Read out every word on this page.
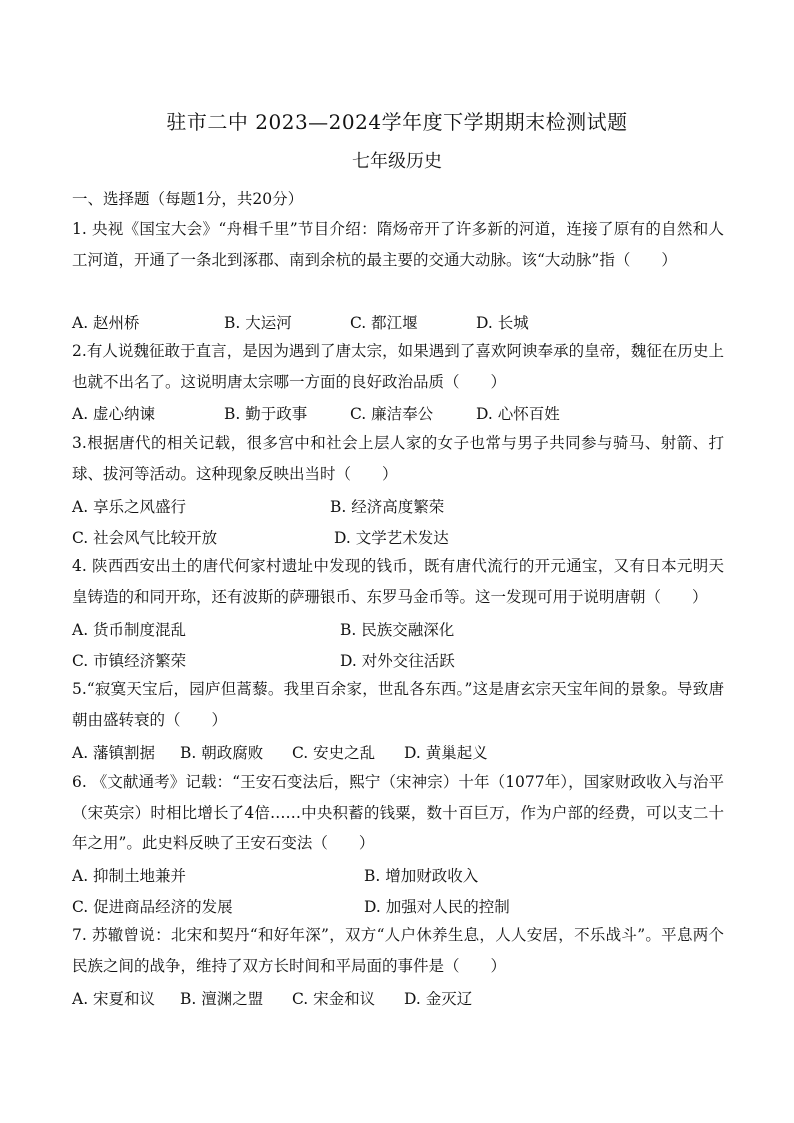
驻市二中 2023—2024学年度下学期期末检测试题
七年级历史
一、选择题（每题1分，共20分）
1. 央视《国宝大会》“舟楫千里”节目介绍：隋炀帝开了许多新的河道，连接了原有的自然和人工河道，开通了一条北到涿郡、南到余杭的最主要的交通大动脉。该“大动脉”指（　　）
A. 赵州桥	B. 大运河	C. 都江堰	D. 长城
2.有人说魏征敢于直言，是因为遇到了唐太宗，如果遇到了喜欢阿谀奉承的皇帝，魏征在历史上也就不出名了。这说明唐太宗哪一方面的良好政治品质（　　）
A. 虚心纳谏	B. 勤于政事	C. 廉洁奉公	D. 心怀百姓
3.根据唐代的相关记载，很多宫中和社会上层人家的女子也常与男子共同参与骑马、射箭、打球、拔河等活动。这种现象反映出当时（　　）
A. 享乐之风盛行	B. 经济高度繁荣
C. 社会风气比较开放	D. 文学艺术发达
4. 陕西西安出土的唐代何家村遗址中发现的钱币，既有唐代流行的开元通宝，又有日本元明天皇铸造的和同开珎，还有波斯的萨珊银币、东罗马金币等。这一发现可用于说明唐朝（　　）
A. 货币制度混乱	B. 民族交融深化
C. 市镇经济繁荣	D. 对外交往活跃
5.“寂寞天宝后，园庐但蒿藜。我里百余家，世乱各东西。”这是唐玄宗天宝年间的景象。导致唐朝由盛转衰的（　　）
A. 藩镇割据 B. 朝政腐败 C. 安史之乱 D. 黄巢起义
6. 《文献通考》记载：“王安石变法后，熙宁（宋神宗）十年（1077年），国家财政收入与治平（宋英宗）时相比增长了4倍……中央积蓄的钱粟，数十百巨万，作为户部的经费，可以支二十年之用”。此史料反映了王安石变法（　　）
A. 抑制土地兼并	B. 增加财政收入
C. 促进商品经济的发展	D. 加强对人民的控制
7. 苏辙曾说：北宋和契丹“和好年深”，双方“人户休养生息，人人安居，不乐战斗”。平息两个民族之间的战争，维持了双方长时间和平局面的事件是（　　）
A. 宋夏和议 B. 澶渊之盟 C. 宋金和议 D. 金灭辽
